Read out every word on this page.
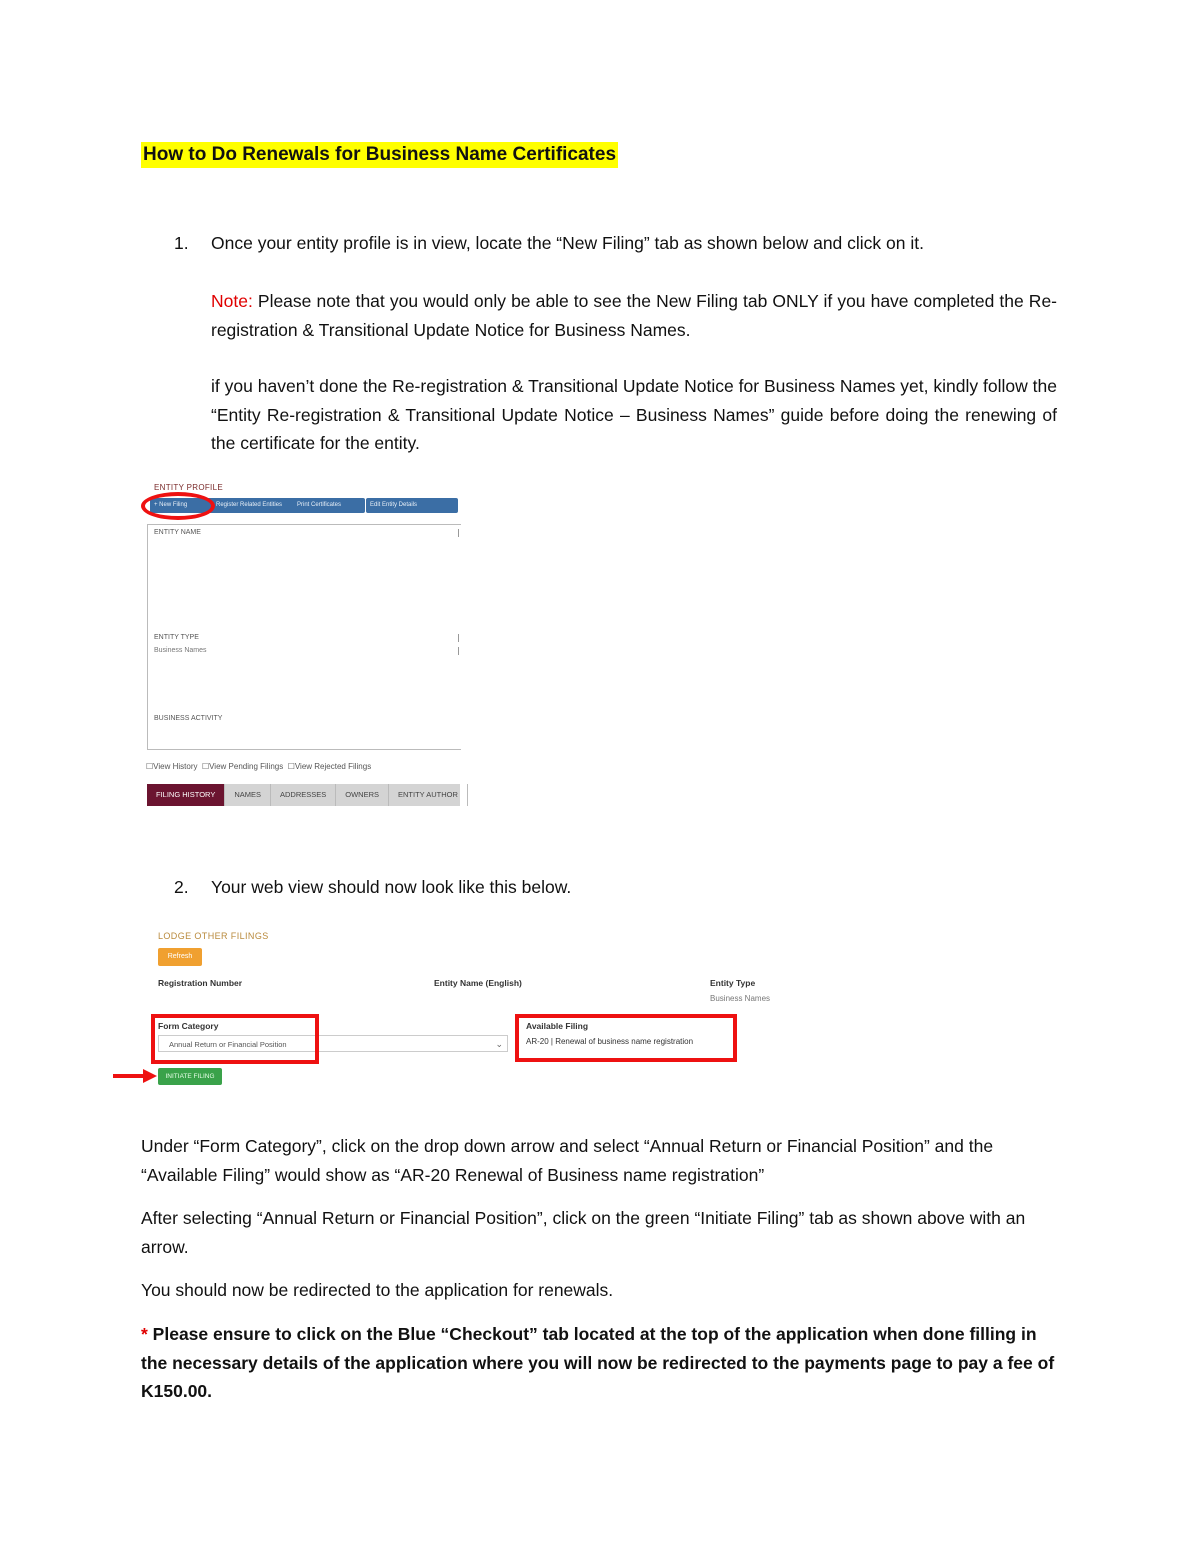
How to Do Renewals for Business Name Certificates
1. Once your entity profile is in view, locate the “New Filing” tab as shown below and click on it.
Note: Please note that you would only be able to see the New Filing tab ONLY if you have completed the Re-registration & Transitional Update Notice for Business Names.
if you haven’t done the Re-registration & Transitional Update Notice for Business Names yet, kindly follow the “Entity Re-registration & Transitional Update Notice – Business Names” guide before doing the renewing of the certificate for the entity.
ENTITY PROFILE
+ New Filing	Register Related Entities	Print Certificates	Edit Entity Details
ENTITY NAME
ENTITY TYPE
Business Names
BUSINESS ACTIVITY
☐View History ☐View Pending Filings ☐View Rejected Filings
FILING HISTORY	NAMES	ADDRESSES	OWNERS	ENTITY AUTHOR
2. Your web view should now look like this below.
LODGE OTHER FILINGS
Refresh
Registration Number	Entity Name (English)	Entity Type
Business Names
Form Category
Annual Return or Financial Position	⌄
Available Filing
AR-20 | Renewal of business name registration
INITIATE FILING
Under “Form Category”, click on the drop down arrow and select “Annual Return or Financial Position” and the “Available Filing” would show as “AR-20 Renewal of Business name registration”
After selecting “Annual Return or Financial Position”, click on the green “Initiate Filing” tab as shown above with an arrow.
You should now be redirected to the application for renewals.
* Please ensure to click on the Blue “Checkout” tab located at the top of the application when done filling in the necessary details of the application where you will now be redirected to the payments page to pay a fee of K150.00.
